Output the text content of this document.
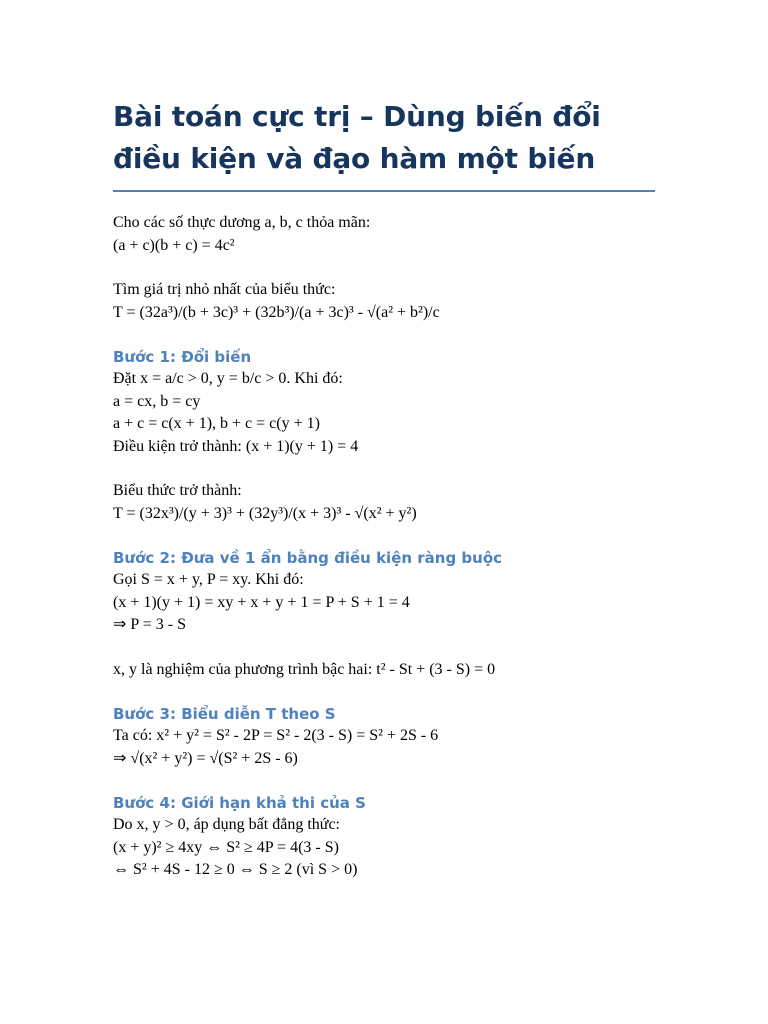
Bài toán cực trị – Dùng biến đổi điều kiện và đạo hàm một biến

Cho các số thực dương a, b, c thỏa mãn:

(a + c)(b + c) = 4c²

Tìm giá trị nhỏ nhất của biểu thức:

T = (32a³)/(b + 3c)³ + (32b³)/(a + 3c)³ - √(a² + b²)/c

Bước 1: Đổi biến

Đặt x = a/c > 0, y = b/c > 0. Khi đó:

a = cx, b = cy

a + c = c(x + 1), b + c = c(y + 1)

Điều kiện trở thành: (x + 1)(y + 1) = 4

Biểu thức trở thành:

T = (32x³)/(y + 3)³ + (32y³)/(x + 3)³ - √(x² + y²)

Bước 2: Đưa về 1 ẩn bằng điều kiện ràng buộc

Gọi S = x + y, P = xy. Khi đó:

(x + 1)(y + 1) = xy + x + y + 1 = P + S + 1 = 4

⇒ P = 3 - S

x, y là nghiệm của phương trình bậc hai: t² - St + (3 - S) = 0

Bước 3: Biểu diễn T theo S

Ta có: x² + y² = S² - 2P = S² - 2(3 - S) = S² + 2S - 6

⇒ √(x² + y²) = √(S² + 2S - 6)

Bước 4: Giới hạn khả thi của S

Do x, y > 0, áp dụng bất đẳng thức:

(x + y)² ≥ 4xy ⇔ S² ≥ 4P = 4(3 - S)

⇔ S² + 4S - 12 ≥ 0 ⇔ S ≥ 2 (vì S > 0)
